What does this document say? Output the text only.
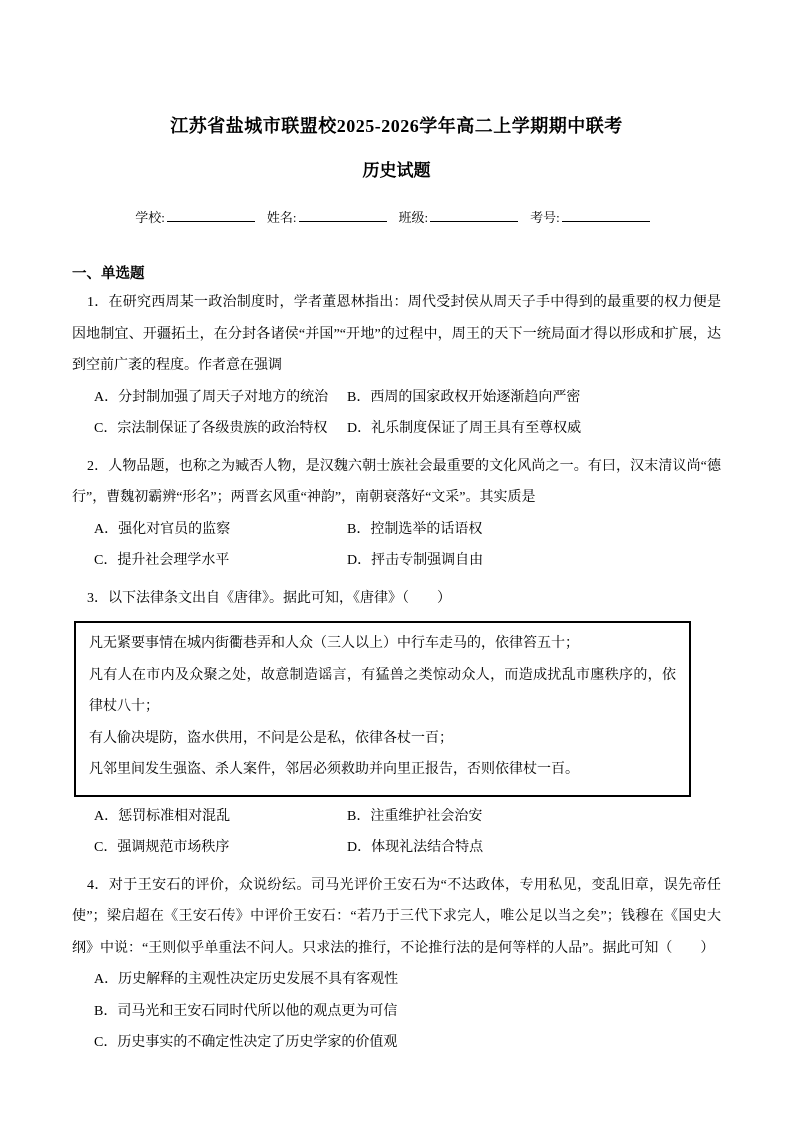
江苏省盐城市联盟校2025-2026学年高二上学期期中联考
历史试题
学校:	姓名:	班级:	考号:
一、单选题

1．在研究西周某一政治制度时，学者董恩林指出：周代受封侯从周天子手中得到的最重要的权力便是因地制宜、开疆拓土，在分封各诸侯“并国”“开地”的过程中，周王的天下一统局面才得以形成和扩展，达到空前广袤的程度。作者意在强调

A．分封制加强了周天子对地方的统治	B．西周的国家政权开始逐渐趋向严密
C．宗法制保证了各级贵族的政治特权	D．礼乐制度保证了周王具有至尊权威

2．人物品题，也称之为臧否人物，是汉魏六朝士族社会最重要的文化风尚之一。有曰，汉末清议尚“德行”，曹魏初霸辨“形名”；两晋玄风重“神韵”，南朝衰落好“文采”。其实质是

A．强化对官员的监察	B．控制选举的话语权
C．提升社会理学水平	D．抨击专制强调自由

3．以下法律条文出自《唐律》。据此可知，《唐律》（　　）

凡无紧要事情在城内街衢巷弄和人众（三人以上）中行车走马的，依律笞五十；

凡有人在市内及众聚之处，故意制造谣言，有猛兽之类惊动众人，而造成扰乱市廛秩序的，依律杖八十；

有人偷决堤防，盗水供用，不问是公是私，依律各杖一百；

凡邻里间发生强盗、杀人案件，邻居必须救助并向里正报告，否则依律杖一百。

A．惩罚标准相对混乱	B．注重维护社会治安
C．强调规范市场秩序	D．体现礼法结合特点

4．对于王安石的评价，众说纷纭。司马光评价王安石为“不达政体，专用私见，变乱旧章，误先帝任使”；梁启超在《王安石传》中评价王安石：“若乃于三代下求完人，唯公足以当之矣”；钱穆在《国史大纲》中说：“王则似乎单重法不问人。只求法的推行，不论推行法的是何等样的人品”。据此可知（　　）

A．历史解释的主观性决定历史发展不具有客观性
B．司马光和王安石同时代所以他的观点更为可信
C．历史事实的不确定性决定了历史学家的价值观
